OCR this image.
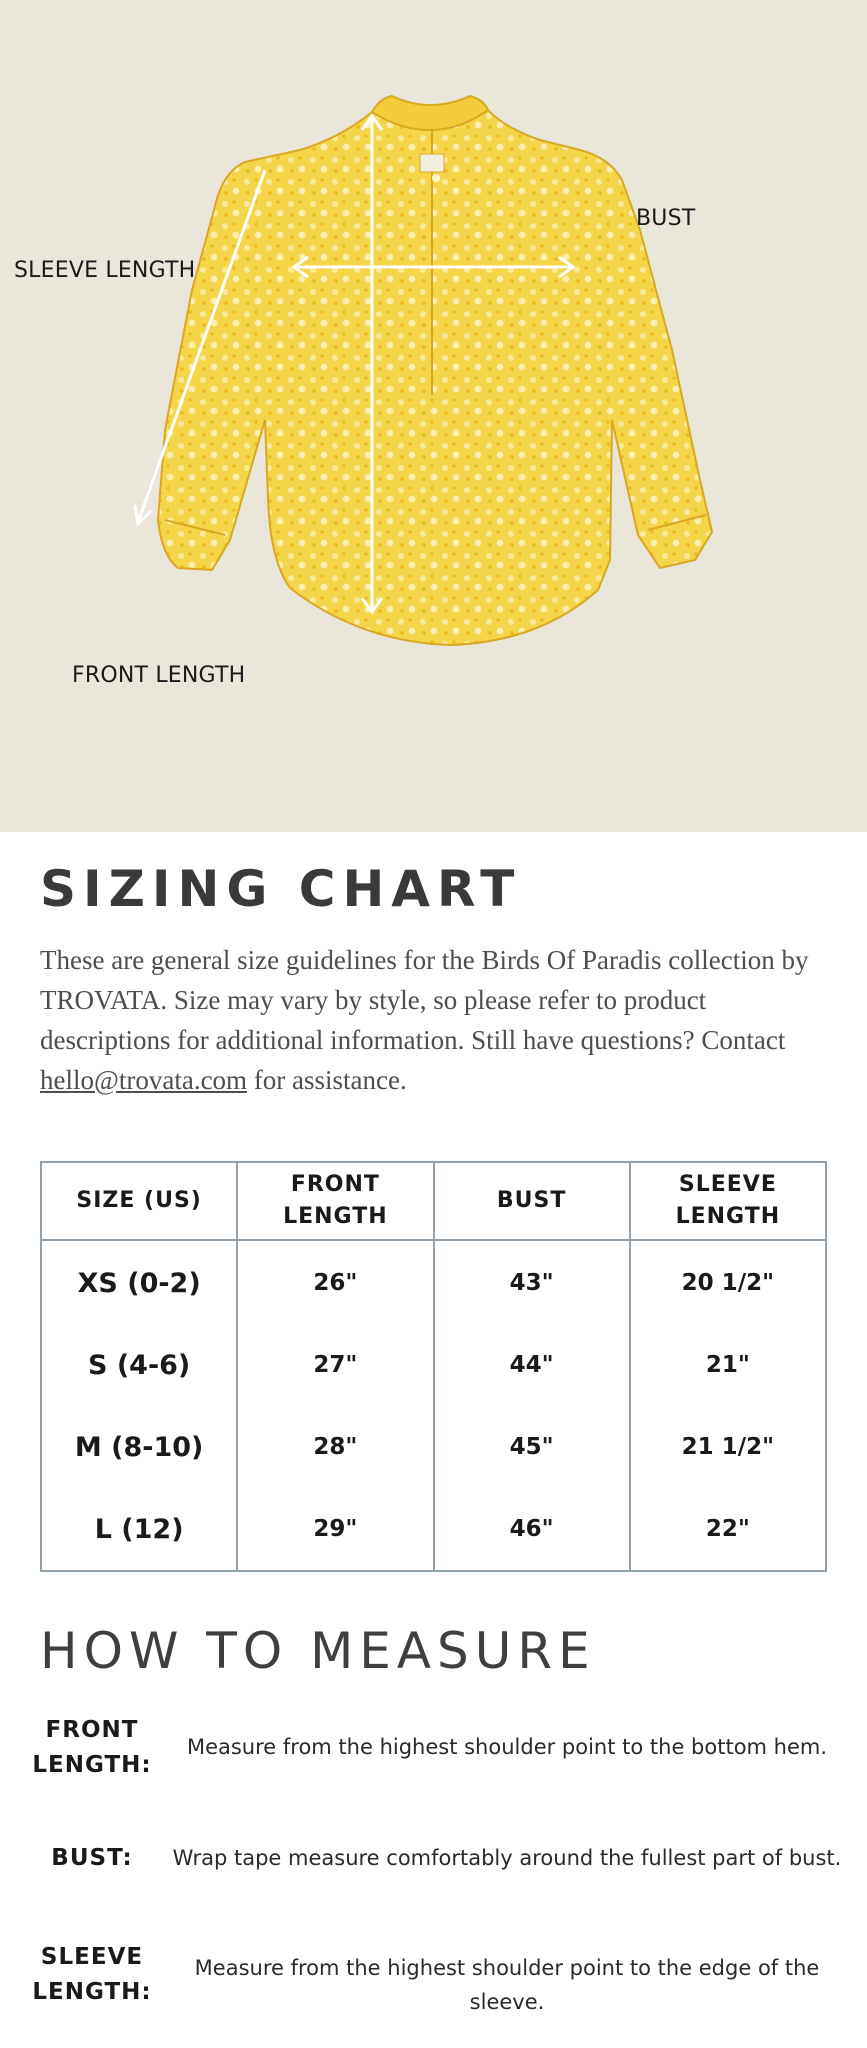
SLEEVE LENGTH
BUST
FRONT LENGTH
SIZING CHART

These are general size guidelines for the Birds Of Paradis collection by TROVATA. Size may vary by style, so please refer to product descriptions for additional information. Still have questions? Contact hello@trovata.com for assistance.

SIZE (US)	FRONT LENGTH	BUST	SLEEVE LENGTH
XS (0-2)	26"	43"	20 1/2"
S (4-6)	27"	44"	21"
M (8-10)	28"	45"	21 1/2"
L (12)	29"	46"	22"
HOW TO MEASURE
FRONT LENGTH:
Measure from the highest shoulder point to the bottom hem.
BUST:	Wrap tape measure comfortably around the fullest part of bust.
SLEEVE LENGTH:
Measure from the highest shoulder point to the edge of the sleeve.
